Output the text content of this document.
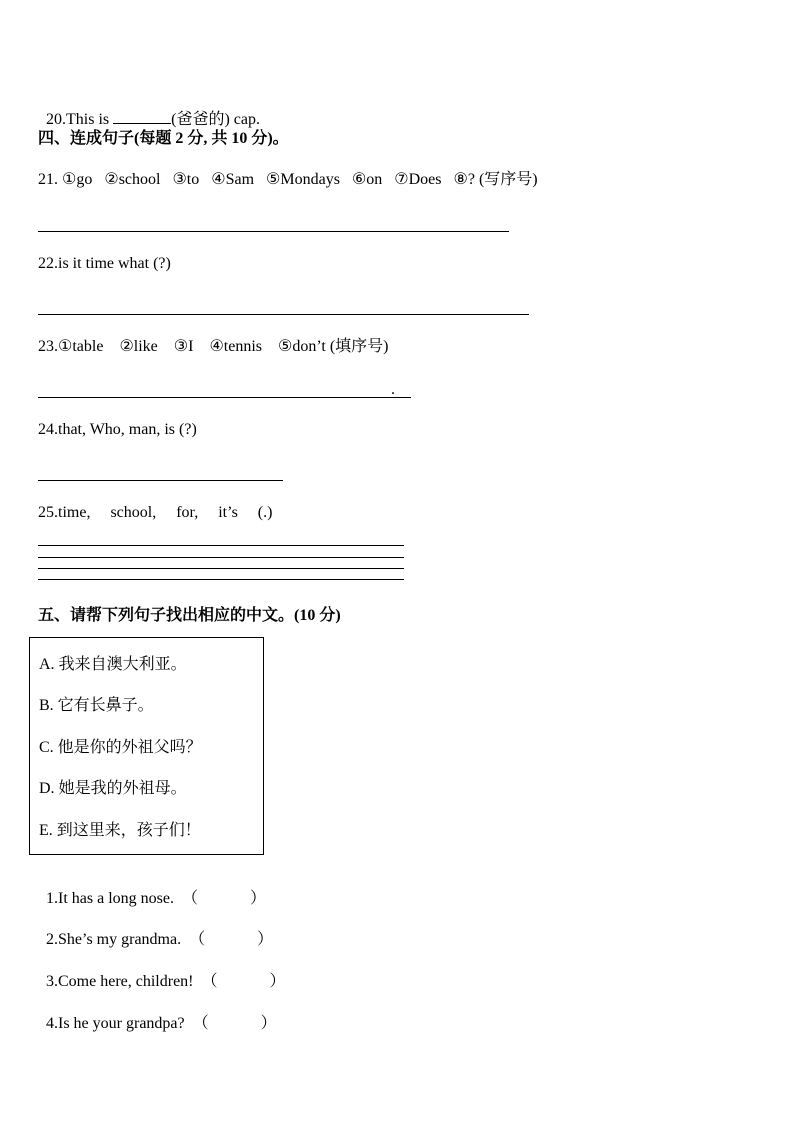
20.This is	(爸爸的) cap.

四、连成句子(每题 2 分, 共 10 分)。
21. ①go   ②school   ③to   ④Sam   ⑤Mondays   ⑥on   ⑦Does   ⑧? (写序号)
22.is it time what (?)
23.①table    ②like    ③I    ④tennis    ⑤don’t (填序号)
.
24.that, Who, man, is (?)
25.time,     school,     for,     it’s     (.)
五、请帮下列句子找出相应的中文。(10 分)
A. 我来自澳大利亚。
B. 它有长鼻子。
C. 他是你的外祖父吗？
D. 她是我的外祖母。
E. 到这里来，孩子们！

1.It has a long nose. （	）

2.She’s my grandma. （	）

3.Come here, children! （	）

4.Is he your grandpa? （	）
